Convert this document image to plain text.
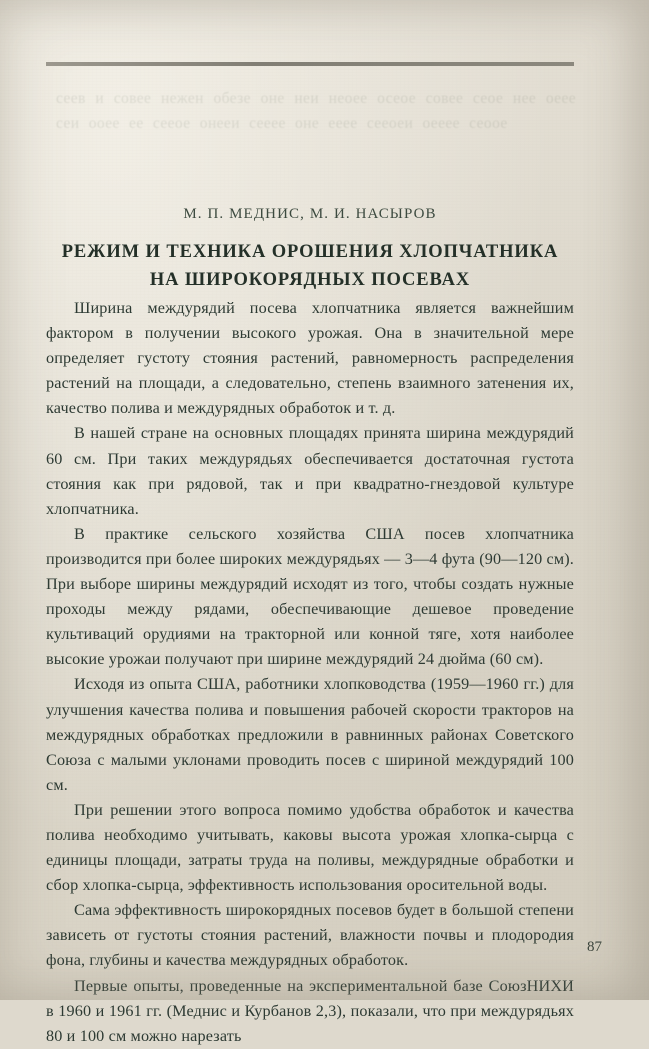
сеев и совее нежен обезе оне неи неоее осеое совее сеое нее оеее сеи ооее ее сееое онееи сееее оне ееее сееоеи оееее сеоое
М. П. МЕДНИС, М. И. НАСЫРОВ
РЕЖИМ И ТЕХНИКА ОРОШЕНИЯ ХЛОПЧАТНИКА
НА ШИРОКОРЯДНЫХ ПОСЕВАХ

Ширина междурядий посева хлопчатника является важнейшим фактором в получении высокого урожая. Она в значительной мере определяет густоту стояния растений, равномерность распределения растений на площади, а следовательно, степень взаимного затенения их, качество полива и междурядных обработок и т. д.

В нашей стране на основных площадях принята ширина междурядий 60 см. При таких междурядьях обеспечивается достаточная густота стояния как при рядовой, так и при квадратно-гнездовой культуре хлопчатника.

В практике сельского хозяйства США посев хлопчатника производится при более широких междурядьях — 3—4 фута (90—120 см). При выборе ширины междурядий исходят из того, чтобы создать нужные проходы между рядами, обеспечивающие дешевое проведение культиваций орудиями на тракторной или конной тяге, хотя наиболее высокие урожаи получают при ширине междурядий 24 дюйма (60 см).

Исходя из опыта США, работники хлопководства (1959—1960 гг.) для улучшения качества полива и повышения рабочей скорости тракторов на междурядных обработках предложили в равнинных районах Советского Союза с малыми уклонами проводить посев с шириной междурядий 100 см.

При решении этого вопроса помимо удобства обработок и качества полива необходимо учитывать, каковы высота урожая хлопка-сырца с единицы площади, затраты труда на поливы, междурядные обработки и сбор хлопка-сырца, эффективность использования оросительной воды.

Сама эффективность широкорядных посевов будет в большой степени зависеть от густоты стояния растений, влажности почвы и плодородия фона, глубины и качества междурядных обработок.

Первые опыты, проведенные на экспериментальной базе СоюзНИХИ в 1960 и 1961 гг. (Меднис и Курбанов 2,3), показали, что при междурядьях 80 и 100 см можно нарезать

87
